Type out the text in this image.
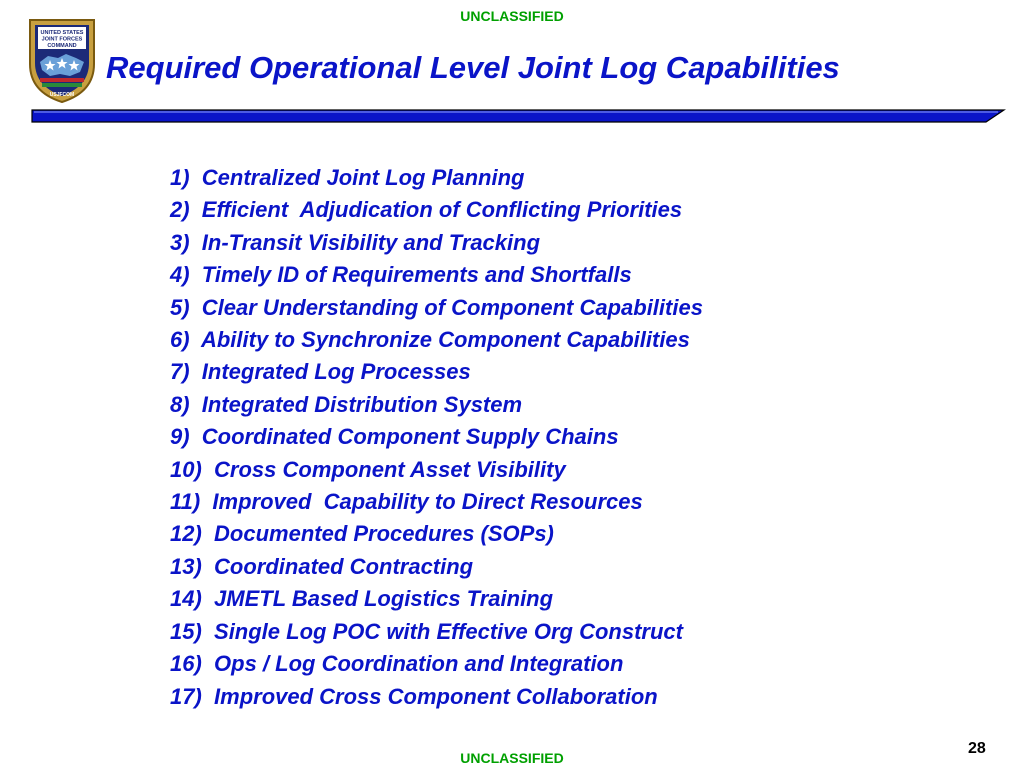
UNCLASSIFIED
UNITED STATES
JOINT FORCES
COMMAND
USJFCOM
Required Operational Level Joint Log Capabilities
1)  Centralized Joint Log Planning
2)  Efficient  Adjudication of Conflicting Priorities
3)  In-Transit Visibility and Tracking
4)  Timely ID of Requirements and Shortfalls
5)  Clear Understanding of Component Capabilities
6)  Ability to Synchronize Component Capabilities
7)  Integrated Log Processes
8)  Integrated Distribution System
9)  Coordinated Component Supply Chains
10)  Cross Component Asset Visibility
11)  Improved  Capability to Direct Resources
12)  Documented Procedures (SOPs)
13)  Coordinated Contracting
14)  JMETL Based Logistics Training
15)  Single Log POC with Effective Org Construct
16)  Ops / Log Coordination and Integration
17)  Improved Cross Component Collaboration
28
UNCLASSIFIED
